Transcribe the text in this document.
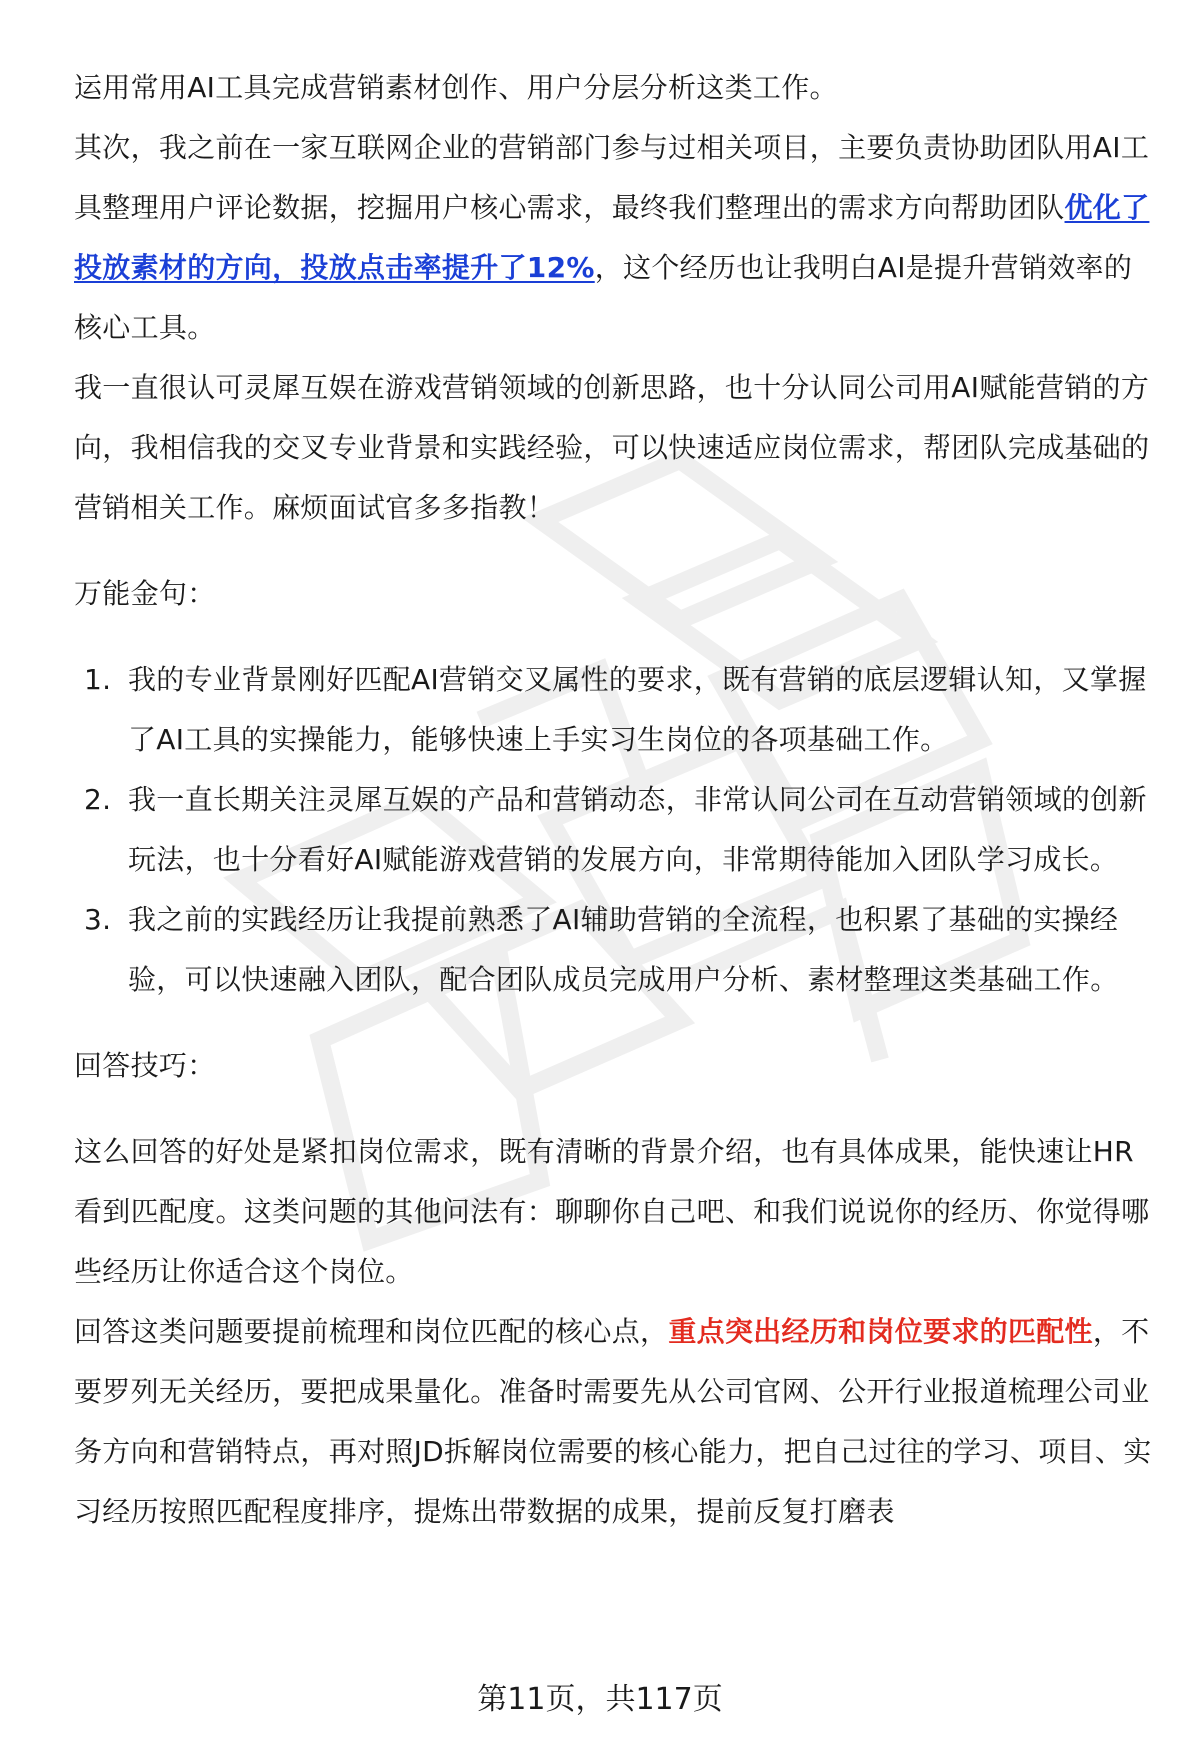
运用常用AI工具完成营销素材创作、用户分层分析这类工作。

其次，我之前在一家互联网企业的营销部门参与过相关项目，主要负责协助团队用AI工具整理用户评论数据，挖掘用户核心需求，最终我们整理出的需求方向帮助团队优化了投放素材的方向，投放点击率提升了12%，这个经历也让我明白AI是提升营销效率的核心工具。

我一直很认可灵犀互娱在游戏营销领域的创新思路，也十分认同公司用AI赋能营销的方向，我相信我的交叉专业背景和实践经验，可以快速适应岗位需求，帮团队完成基础的营销相关工作。麻烦面试官多多指教！

万能金句：

1. 我的专业背景刚好匹配AI营销交叉属性的要求，既有营销的底层逻辑认知，又掌握了AI工具的实操能力，能够快速上手实习生岗位的各项基础工作。
2. 我一直长期关注灵犀互娱的产品和营销动态，非常认同公司在互动营销领域的创新玩法，也十分看好AI赋能游戏营销的发展方向，非常期待能加入团队学习成长。
3. 我之前的实践经历让我提前熟悉了AI辅助营销的全流程，也积累了基础的实操经验，可以快速融入团队，配合团队成员完成用户分析、素材整理这类基础工作。

回答技巧：

这么回答的好处是紧扣岗位需求，既有清晰的背景介绍，也有具体成果，能快速让HR看到匹配度。这类问题的其他问法有：聊聊你自己吧、和我们说说你的经历、你觉得哪些经历让你适合这个岗位。

回答这类问题要提前梳理和岗位匹配的核心点，重点突出经历和岗位要求的匹配性，不要罗列无关经历，要把成果量化。准备时需要先从公司官网、公开行业报道梳理公司业务方向和营销特点，再对照JD拆解岗位需要的核心能力，把自己过往的学习、项目、实习经历按照匹配程度排序，提炼出带数据的成果，提前反复打磨表

第11页，共117页
